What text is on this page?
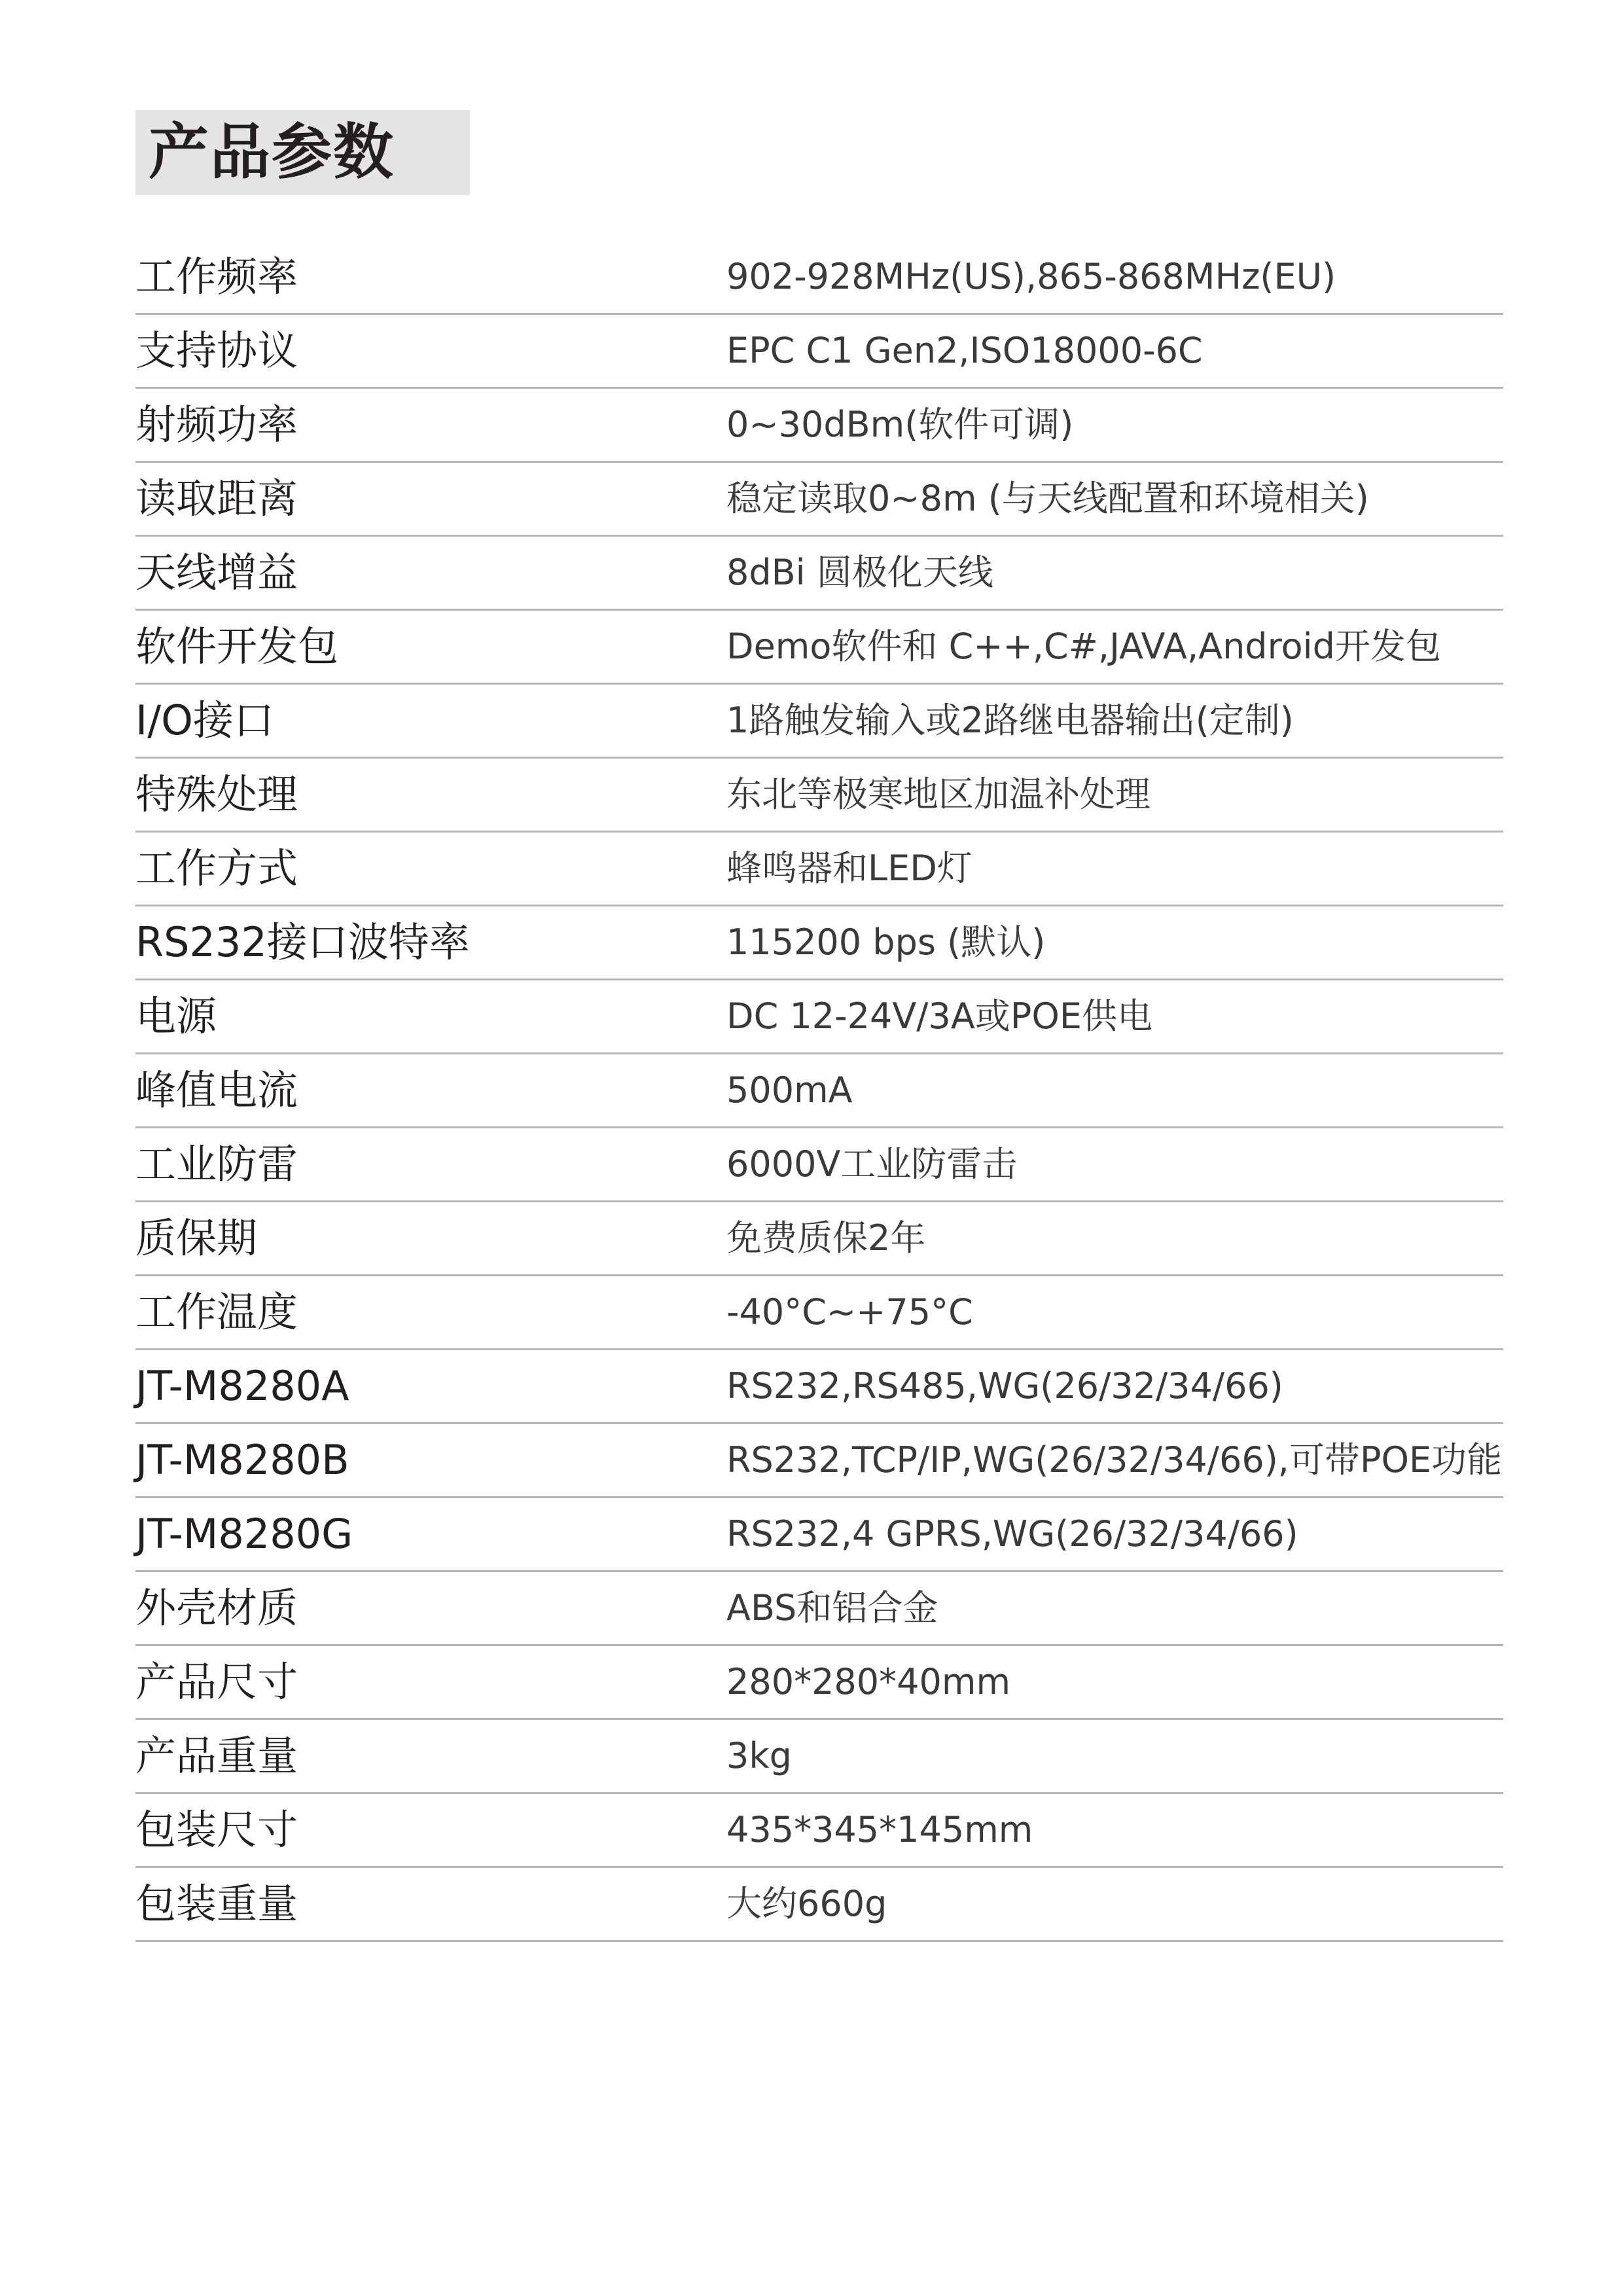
产品参数
工作频率	902-928MHz(US),865-868MHz(EU)
支持协议	EPC C1 Gen2,ISO18000-6C
射频功率	0~30dBm(软件可调)
读取距离	稳定读取0~8m (与天线配置和环境相关)
天线增益	8dBi 圆极化天线
软件开发包	Demo软件和 C++,C#,JAVA,Android开发包
I/O接口	1路触发输入或2路继电器输出(定制)
特殊处理	东北等极寒地区加温补处理
工作方式	蜂鸣器和LED灯
RS232接口波特率	115200 bps (默认)
电源	DC 12-24V/3A或POE供电
峰值电流	500mA
工业防雷	6000V工业防雷击
质保期	免费质保2年
工作温度	-40°C~+75°C
JT-M8280A	RS232,RS485,WG(26/32/34/66)
JT-M8280B	RS232,TCP/IP,WG(26/32/34/66),可带POE功能
JT-M8280G	RS232,4 GPRS,WG(26/32/34/66)
外壳材质	ABS和铝合金
产品尺寸	280*280*40mm
产品重量	3kg
包装尺寸	435*345*145mm
包装重量	大约660g
